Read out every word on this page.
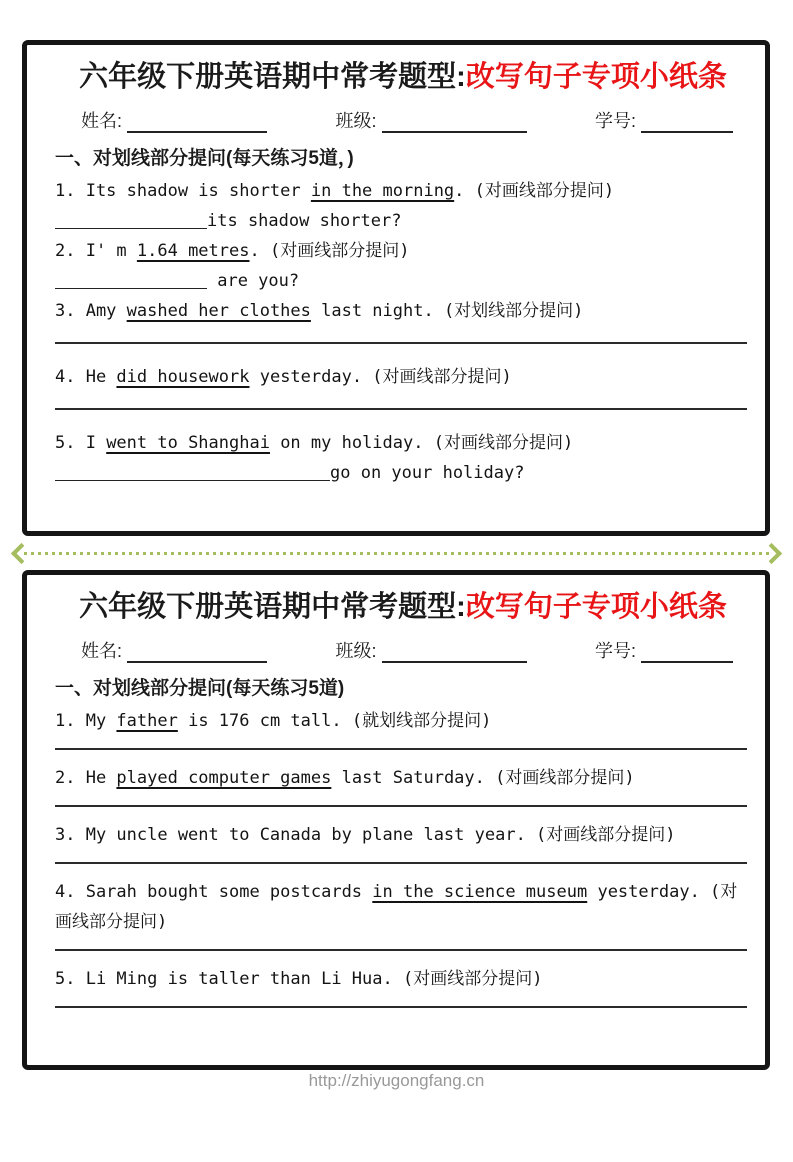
六年级下册英语期中常考题型:改写句子专项小纸条
姓名:	班级:	学号:
一、对划线部分提问(每天练习5道，)
1. Its shadow is shorter in the morning. (对画线部分提问)
its shadow shorter?
2. I' m 1.64 metres. (对画线部分提问)
are you?
3. Amy washed her clothes last night. (对划线部分提问)
4. He did housework yesterday. (对画线部分提问)
5. I went to Shanghai on my holiday. (对画线部分提问)
go on your holiday?
六年级下册英语期中常考题型:改写句子专项小纸条
姓名:	班级:	学号:
一、对划线部分提问(每天练习5道)
1. My father is 176 cm tall. (就划线部分提问)
2. He played computer games last Saturday. (对画线部分提问)
3. My uncle went to Canada by plane last year. (对画线部分提问)
4. Sarah bought some postcards in the science museum yesterday. (对画线部分提问)
5. Li Ming is taller than Li Hua. (对画线部分提问)
http://zhiyugongfang.cn
